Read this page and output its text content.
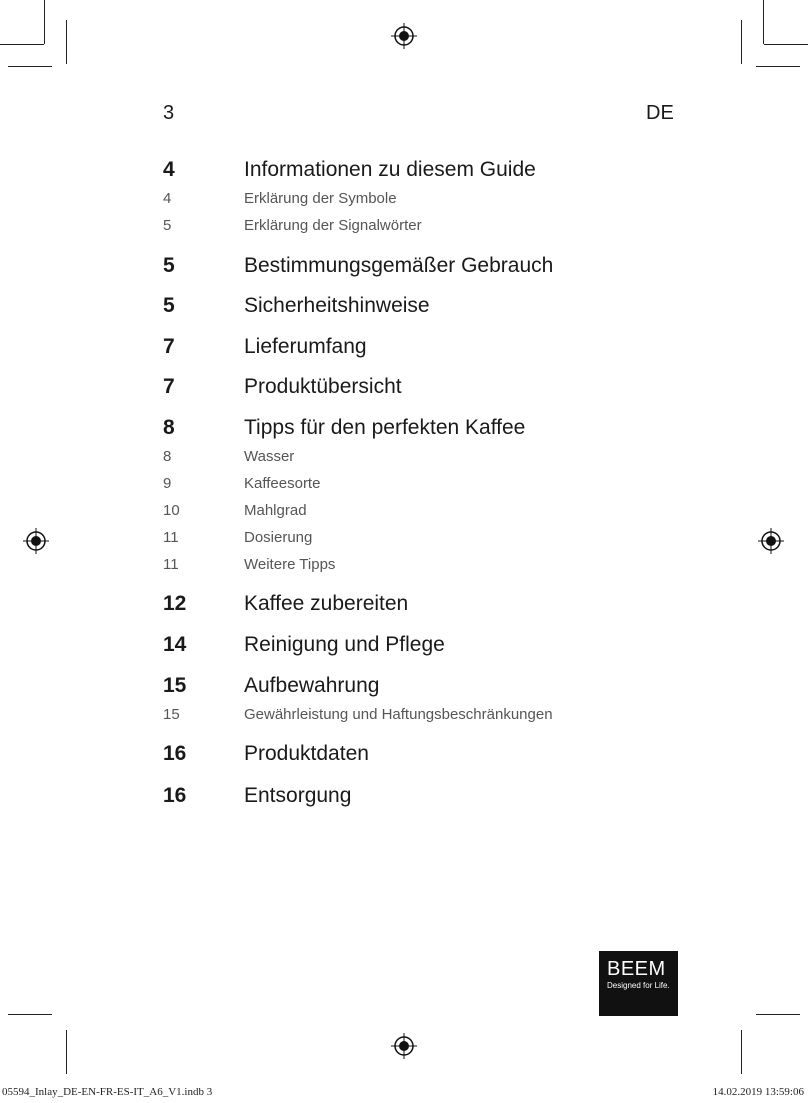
3	DE
4	Informationen zu diesem Guide
4	Erklärung der Symbole
5	Erklärung der Signalwörter
5	Bestimmungsgemäßer Gebrauch
5	Sicherheitshinweise
7	Lieferumfang
7	Produktübersicht
8	Tipps für den perfekten Kaffee
8	Wasser
9	Kaffeesorte
10	Mahlgrad
11	Dosierung
11	Weitere Tipps
12	Kaffee zubereiten
14	Reinigung und Pflege
15	Aufbewahrung
15	Gewährleistung und Haftungsbeschränkungen
16	Produktdaten
16	Entsorgung
BEEM
Designed for Life.
05594_Inlay_DE-EN-FR-ES-IT_A6_V1.indb 3	14.02.2019 13:59:06
